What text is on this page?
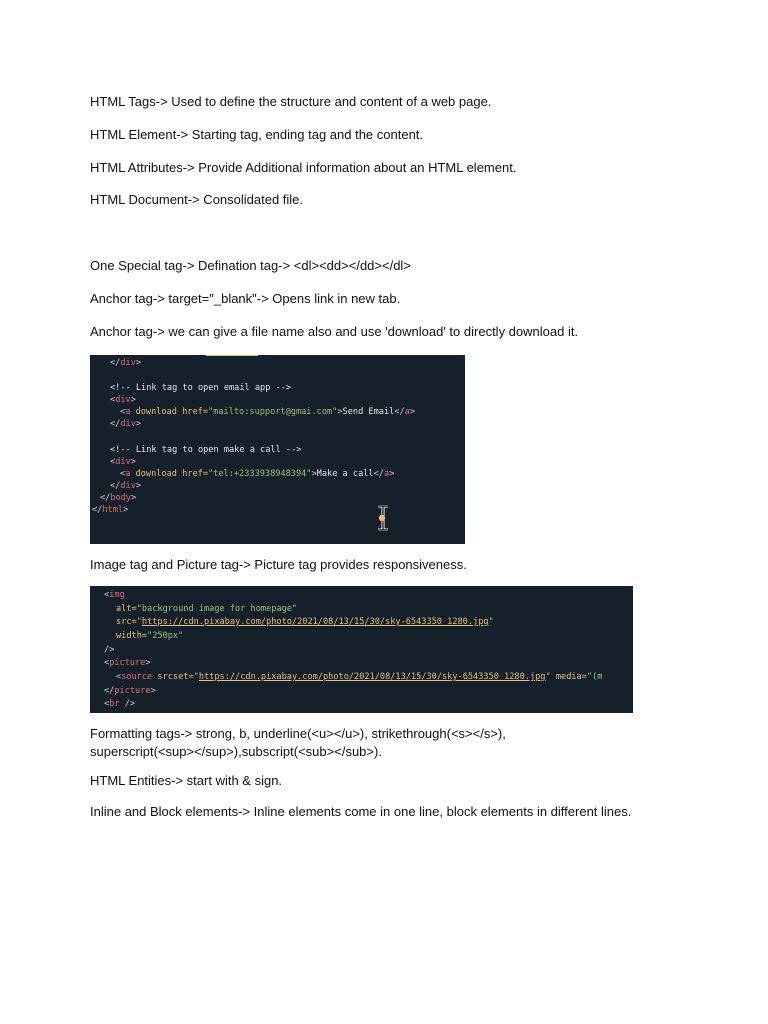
HTML Tags-> Used to define the structure and content of a web page.

HTML Element-> Starting tag, ending tag and the content.

HTML Attributes-> Provide Additional information about an HTML element.

HTML Document-> Consolidated file.

One Special tag-> Defination tag-> <dl><dd></dd></dl>

Anchor tag-> target="_blank"-> Opens link in new tab.

Anchor tag-> we can give a file name also and use 'download' to directly download it.

</div>
<!-- Link tag to open email app -->
<div>
<a download href="mailto:support@gmai.com">Send Email</a>
</div>
<!-- Link tag to open make a call -->
<div>
<a download href="tel:+2333938948394">Make a call</a>
</div>
</body>
</html>

Image tag and Picture tag-> Picture tag provides responsiveness.

<img
alt="background image for homepage"
src="https://cdn.pixabay.com/photo/2021/08/13/15/30/sky-6543350_1280.jpg"
width="250px"
/>
<picture>
<source srcset="https://cdn.pixabay.com/photo/2021/08/13/15/30/sky-6543350_1280.jpg" media="(m
</picture>
<br />

Formatting tags-> strong, b, underline(<u></u>), strikethrough(<s></s>),

superscript(<sup></sup>),subscript(<sub></sub>).

HTML Entities-> start with & sign.

Inline and Block elements-> Inline elements come in one line, block elements in different lines.
